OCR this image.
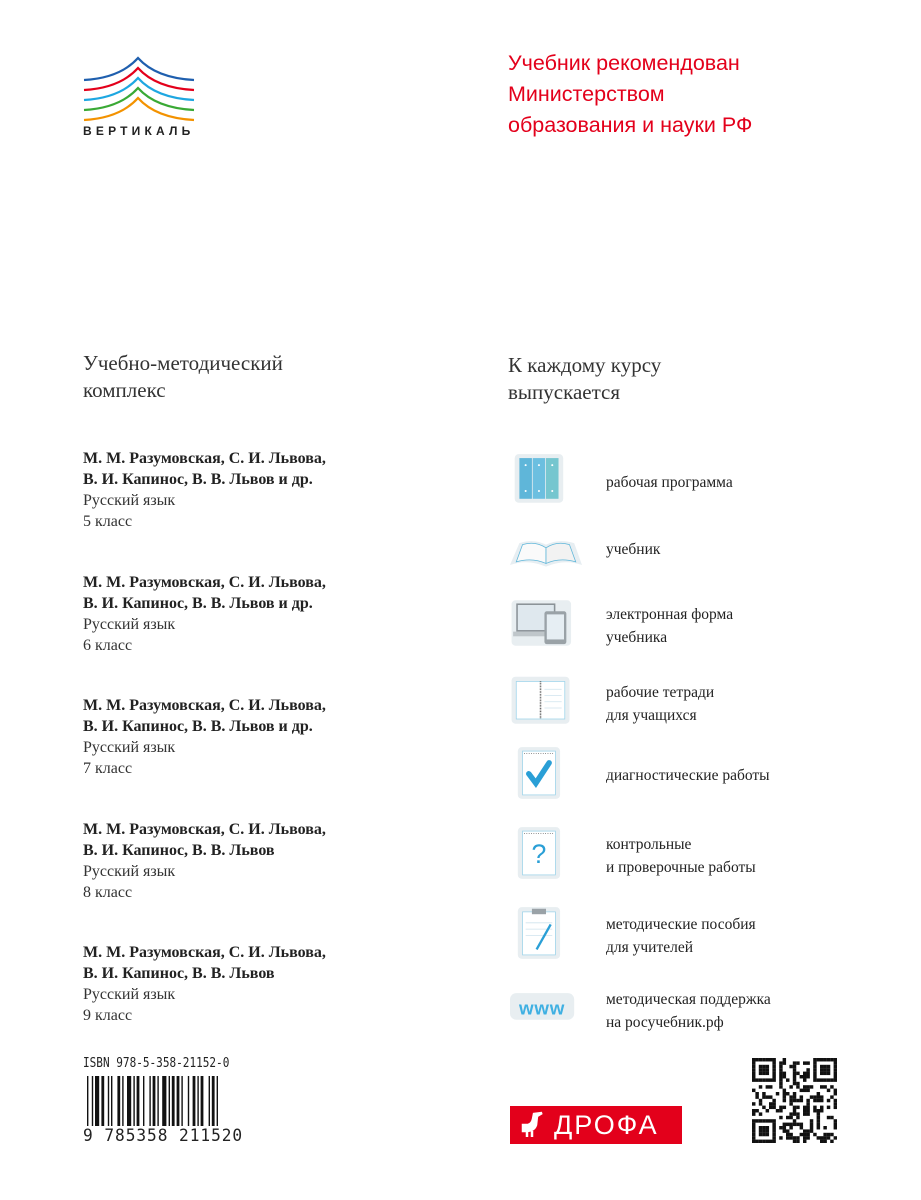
ВЕРТИКАЛЬ
Учебник рекомендован
Министерством
образования и науки РФ
Учебно-методический
комплекс
К каждому курсу
выпускается
М. М. Разумовская, С. И. Львова,
В. И. Капинос, В. В. Львов и др.
Русский язык
5 класс
М. М. Разумовская, С. И. Львова,
В. И. Капинос, В. В. Львов и др.
Русский язык
6 класс
М. М. Разумовская, С. И. Львова,
В. И. Капинос, В. В. Львов и др.
Русский язык
7 класс
М. М. Разумовская, С. И. Львова,
В. И. Капинос, В. В. Львов
Русский язык
8 класс
М. М. Разумовская, С. И. Львова,
В. И. Капинос, В. В. Львов
Русский язык
9 класс
рабочая программа
учебник
электронная форма
учебника
рабочие тетради
для учащихся
диагностические работы
?	контрольные
и проверочные работы
методические пособия
для учителей
www	методическая поддержка
на росучебник.рф
ISBN 978-5-358-21152-0
9 785358 211520	ДРОФА
